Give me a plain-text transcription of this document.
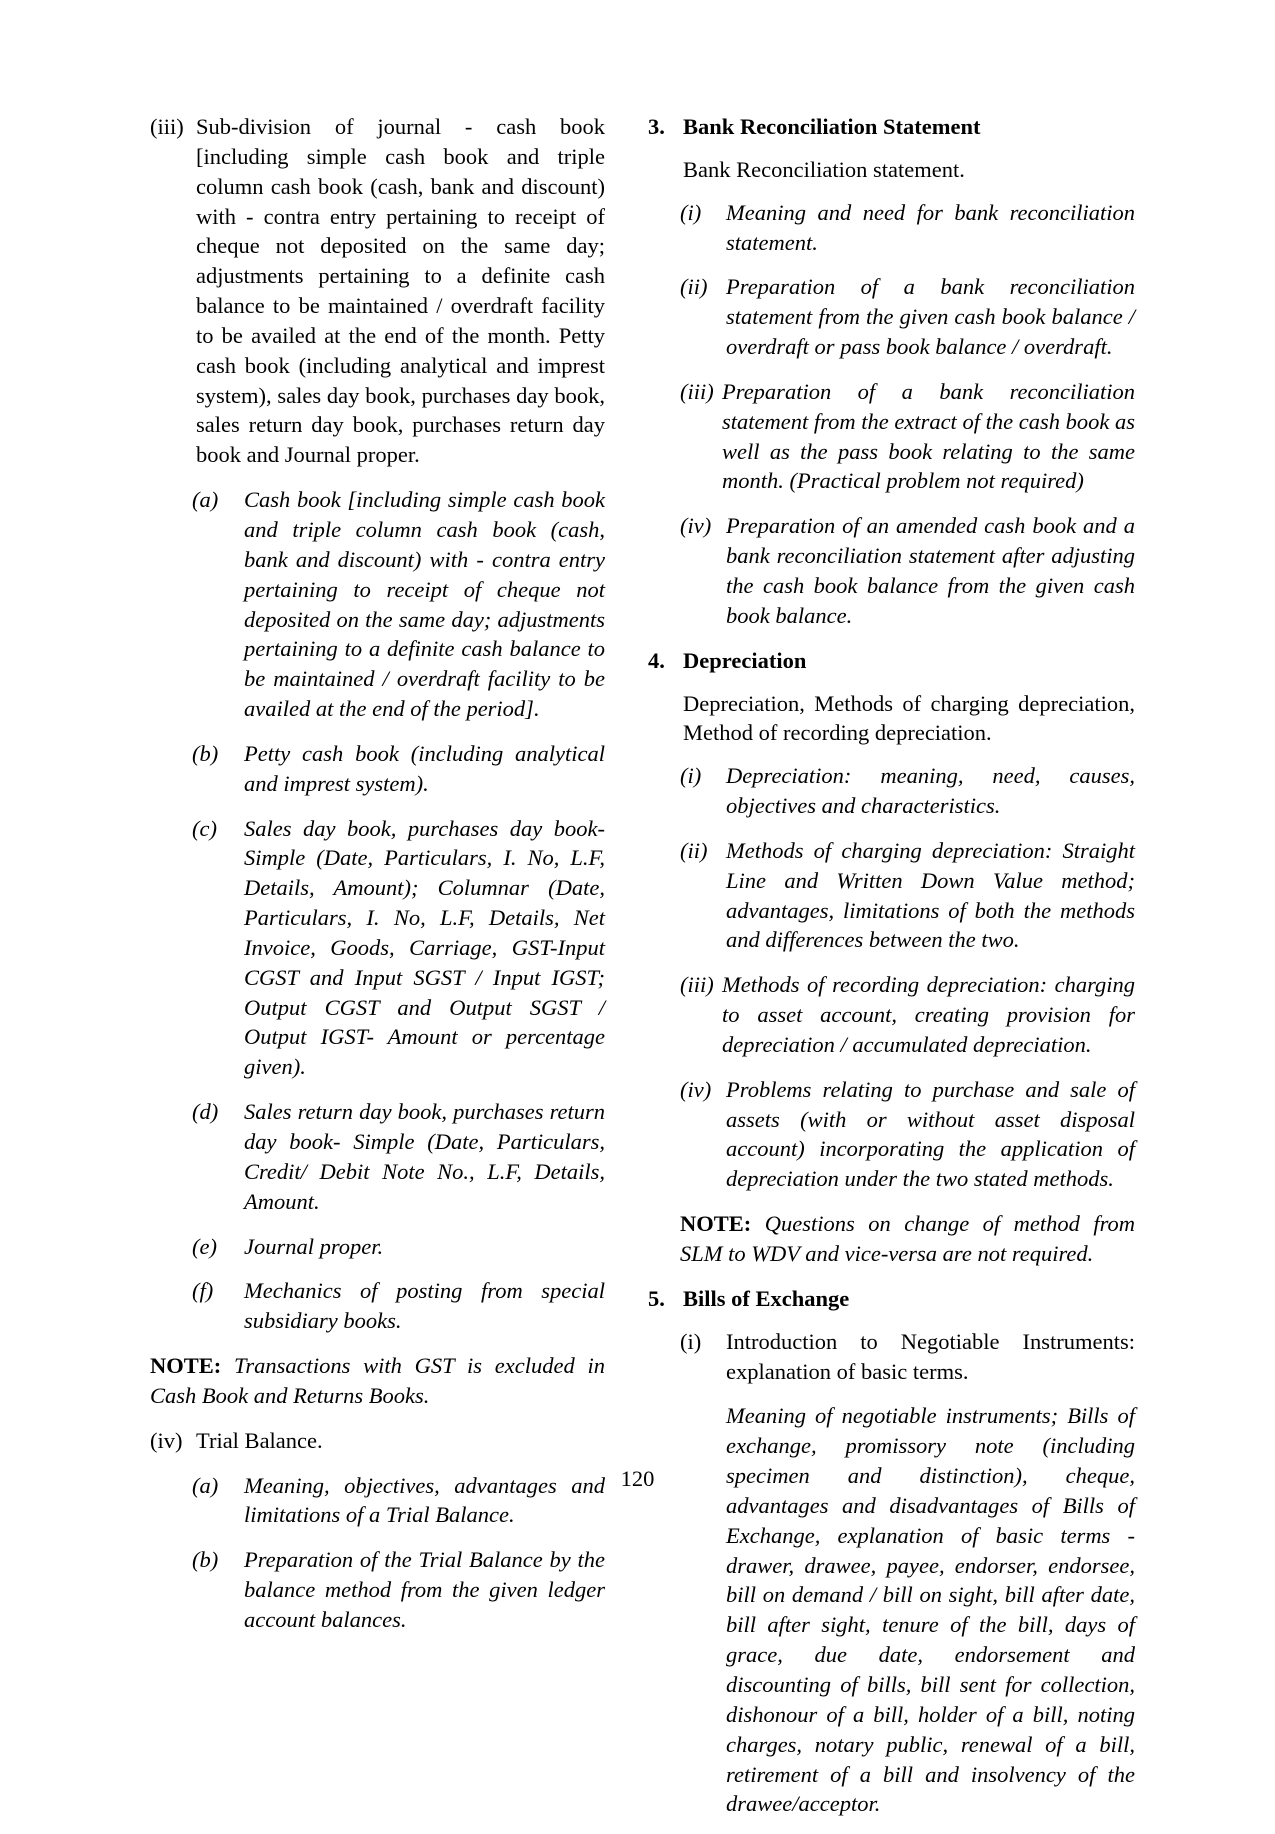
(iii) Sub-division of journal - cash book [including simple cash book and triple column cash book (cash, bank and discount) with - contra entry pertaining to receipt of cheque not deposited on the same day; adjustments pertaining to a definite cash balance to be maintained / overdraft facility to be availed at the end of the month. Petty cash book (including analytical and imprest system), sales day book, purchases day book, sales return day book, purchases return day book and Journal proper.
(a)	Cash book [including simple cash book and triple column cash book (cash, bank and discount) with - contra entry pertaining to receipt of cheque not deposited on the same day; adjustments pertaining to a definite cash balance to be maintained / overdraft facility to be availed at the end of the period].
(b)	Petty cash book (including analytical and imprest system).
(c)	Sales day book, purchases day book- Simple (Date, Particulars, I. No, L.F, Details, Amount); Columnar (Date, Particulars, I. No, L.F, Details, Net Invoice, Goods, Carriage, GST-Input CGST and Input SGST / Input IGST; Output CGST and Output SGST / Output IGST- Amount or percentage given).
(d)	Sales return day book, purchases return day book- Simple (Date, Particulars, Credit/ Debit Note No., L.F, Details, Amount.
(e)	Journal proper.
(f)	Mechanics of posting from special subsidiary books.

NOTE: Transactions with GST is excluded in Cash Book and Returns Books.

(iv) Trial Balance.
(a)	Meaning, objectives, advantages and limitations of a Trial Balance.
(b)	Preparation of the Trial Balance by the balance method from the given ledger account balances.
3. Bank Reconciliation Statement

Bank Reconciliation statement.

(i)	Meaning and need for bank reconciliation statement.
(ii) Preparation of a bank reconciliation statement from the given cash book balance / overdraft or pass book balance / overdraft.
(iii) Preparation of a bank reconciliation statement from the extract of the cash book as well as the pass book relating to the same month. (Practical problem not required)
(iv) Preparation of an amended cash book and a bank reconciliation statement after adjusting the cash book balance from the given cash book balance.
4. Depreciation

Depreciation, Methods of charging depreciation, Method of recording depreciation.

(i)	Depreciation: meaning, need, causes, objectives and characteristics.
(ii) Methods of charging depreciation: Straight Line and Written Down Value method; advantages, limitations of both the methods and differences between the two.
(iii) Methods of recording depreciation: charging to asset account, creating provision for depreciation / accumulated depreciation.
(iv) Problems relating to purchase and sale of assets (with or without asset disposal account) incorporating the application of depreciation under the two stated methods.

NOTE: Questions on change of method from SLM to WDV and vice-versa are not required.

5. Bills of Exchange
(i)	Introduction to Negotiable Instruments: explanation of basic terms.

Meaning of negotiable instruments; Bills of exchange, promissory note (including specimen and distinction), cheque, advantages and disadvantages of Bills of Exchange, explanation of basic terms - drawer, drawee, payee, endorser, endorsee, bill on demand / bill on sight, bill after date, bill after sight, tenure of the bill, days of grace, due date, endorsement and discounting of bills, bill sent for collection, dishonour of a bill, holder of a bill, noting charges, notary public, renewal of a bill, retirement of a bill and insolvency of the drawee/acceptor.

120
